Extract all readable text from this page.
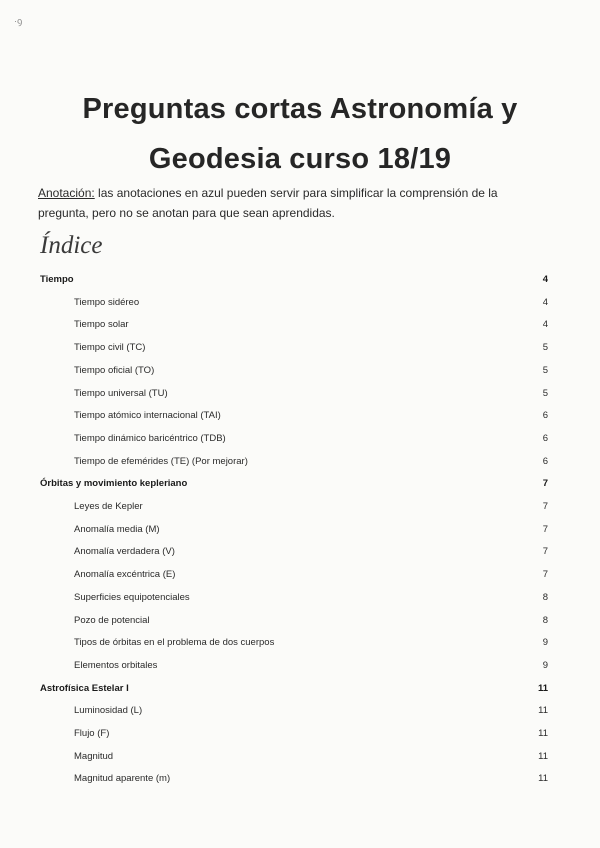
·ꝯ
Preguntas cortas Astronomía y
Geodesia curso 18/19
Anotación: las anotaciones en azul pueden servir para simplificar la comprensión de la pregunta, pero no se anotan para que sean aprendidas.
Índice
Tiempo	4
Tiempo sidéreo	4
Tiempo solar	4
Tiempo civil (TC)	5
Tiempo oficial (TO)	5
Tiempo universal (TU)	5
Tiempo atómico internacional (TAI)	6
Tiempo dinámico baricéntrico (TDB)	6
Tiempo de efemérides (TE) (Por mejorar)	6
Órbitas y movimiento kepleriano	7
Leyes de Kepler	7
Anomalía media (M)	7
Anomalía verdadera (V)	7
Anomalía excéntrica (E)	7
Superficies equipotenciales	8
Pozo de potencial	8
Tipos de órbitas en el problema de dos cuerpos	9
Elementos orbitales	9
Astrofísica Estelar I	11
Luminosidad (L)	11
Flujo (F)	11
Magnitud	11
Magnitud aparente (m)	11
